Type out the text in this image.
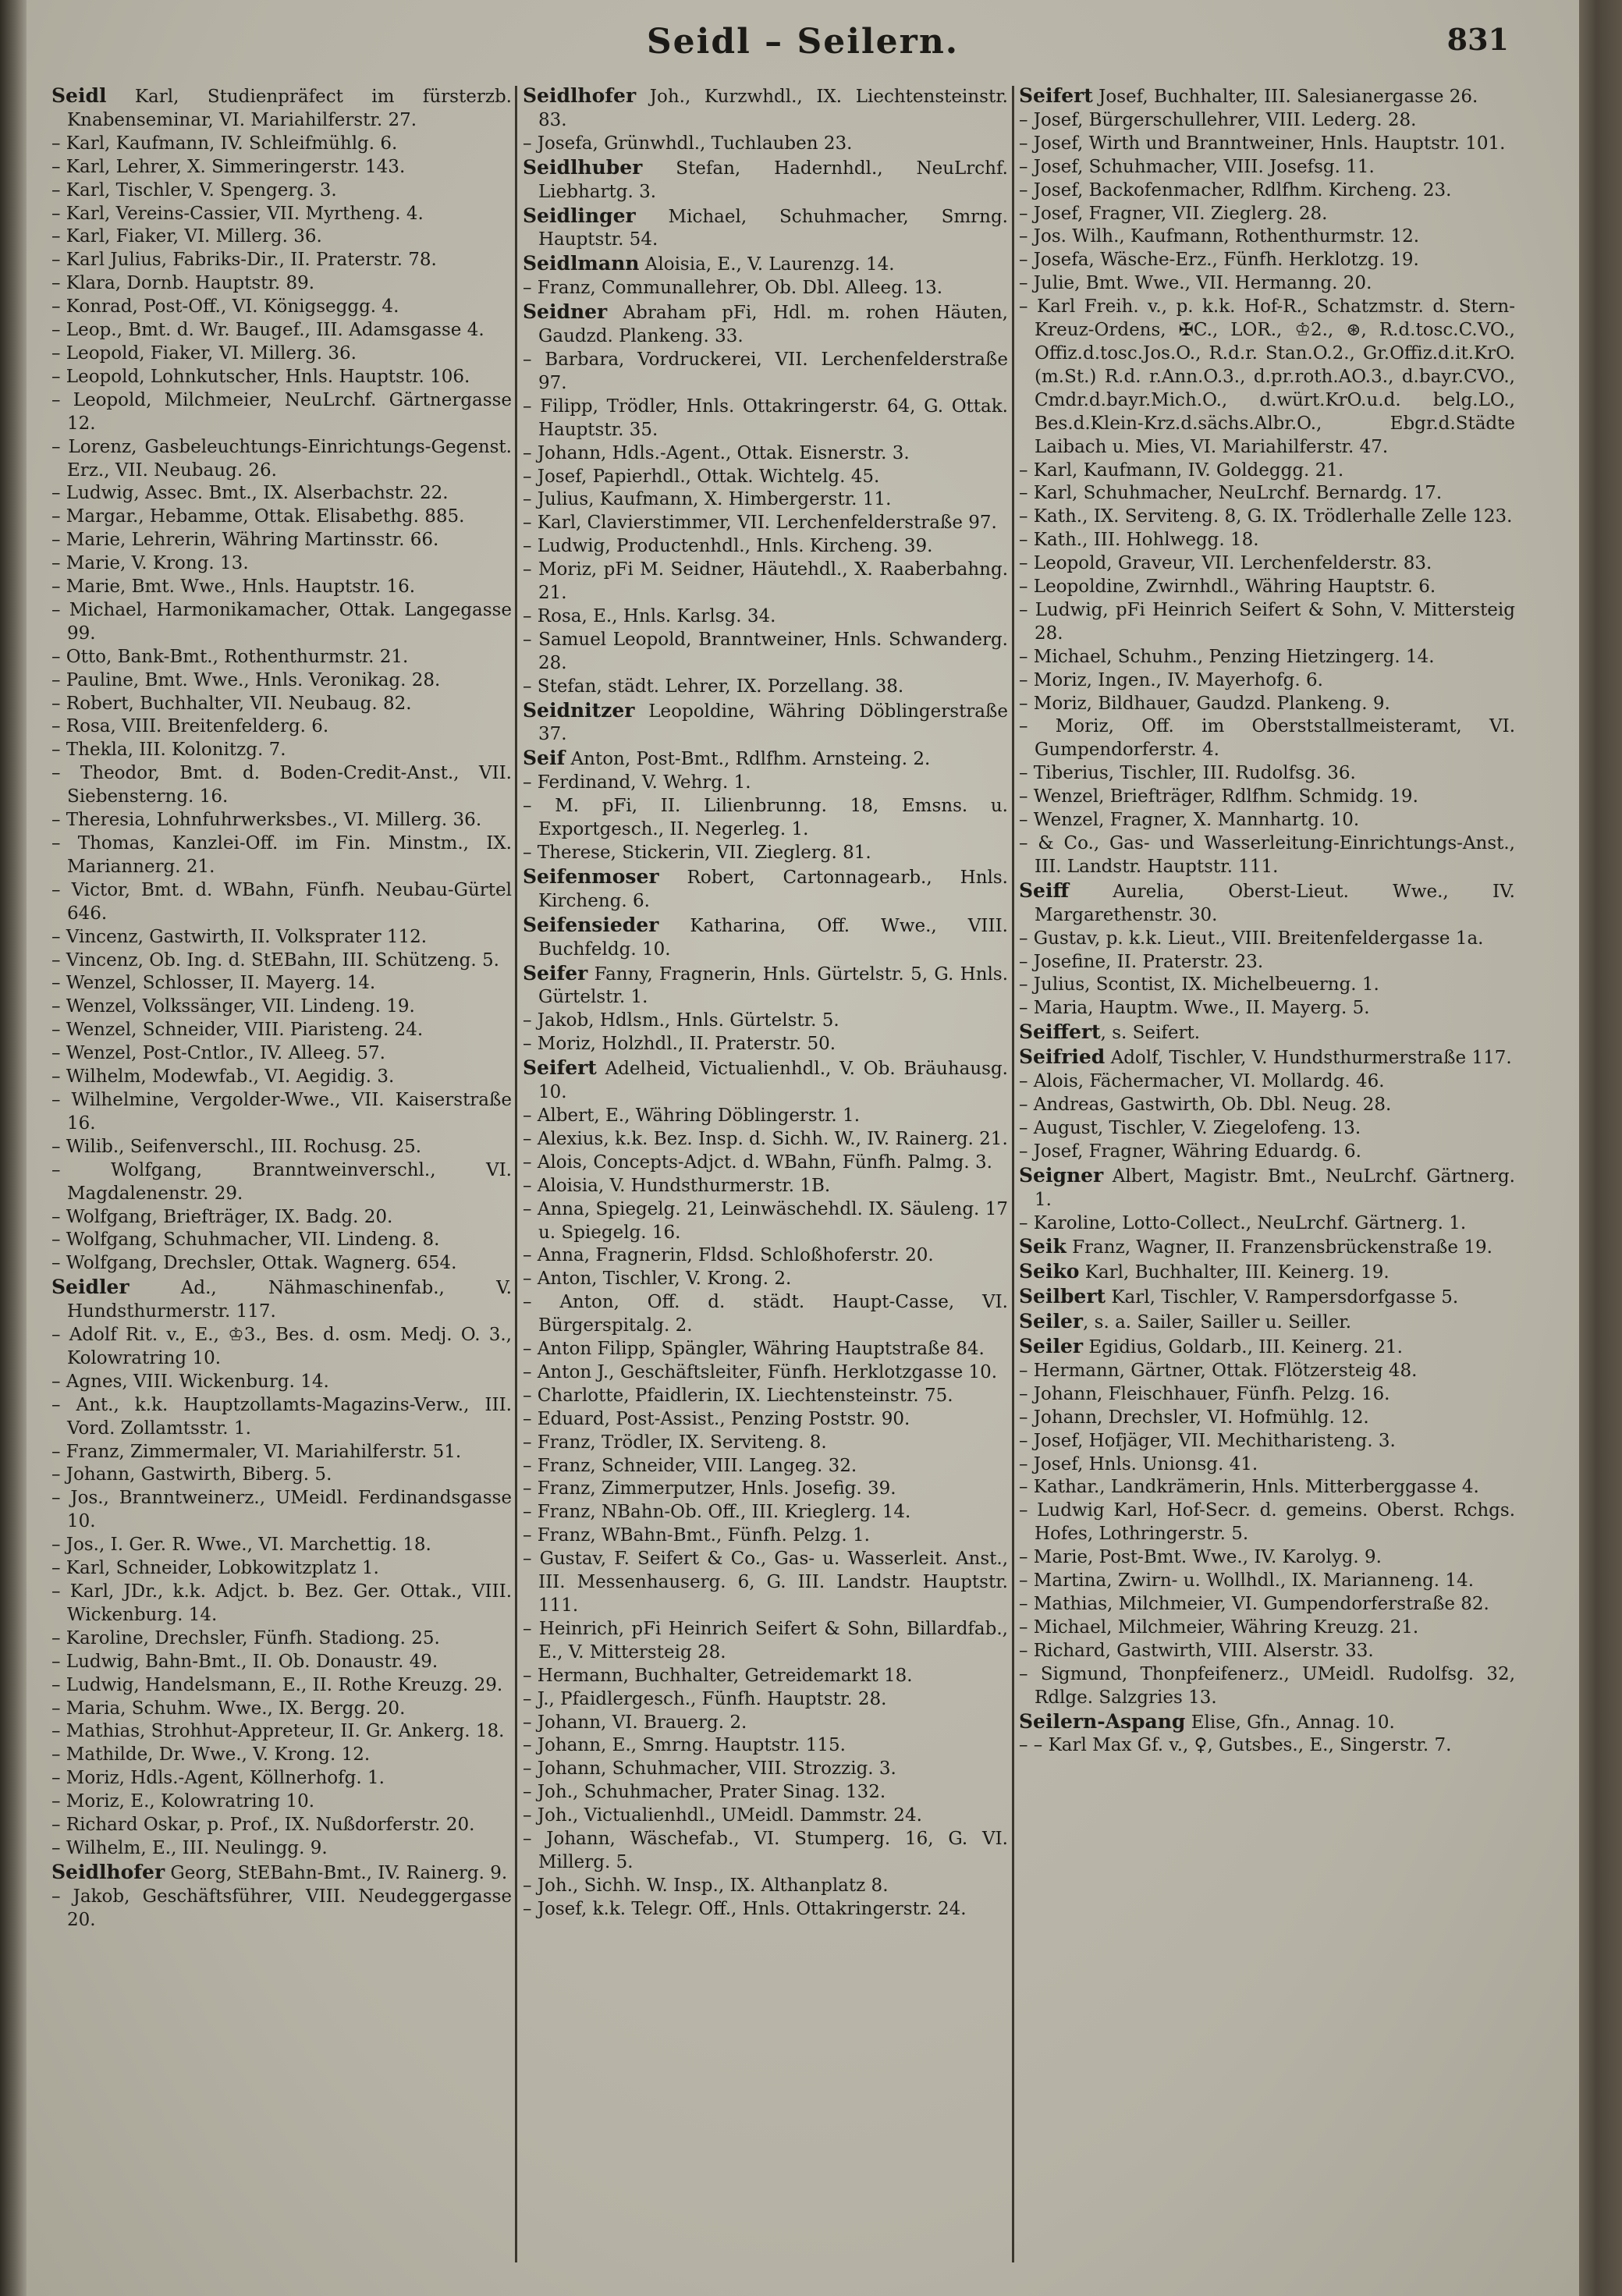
Seidl – Seilern.	831
Seidl Karl, Studienpräfect im fürsterzb. Knabenseminar, VI. Mariahilferstr. 27.
– Karl, Kaufmann, IV. Schleifmühlg. 6.
– Karl, Lehrer, X. Simmeringerstr. 143.
– Karl, Tischler, V. Spengerg. 3.
– Karl, Vereins-Cassier, VII. Myrtheng. 4.
– Karl, Fiaker, VI. Millerg. 36.
– Karl Julius, Fabriks-Dir., II. Praterstr. 78.
– Klara, Dornb. Hauptstr. 89.
– Konrad, Post-Off., VI. Königseggg. 4.
– Leop., Bmt. d. Wr. Baugef., III. Adamsgasse 4.
– Leopold, Fiaker, VI. Millerg. 36.
– Leopold, Lohnkutscher, Hnls. Hauptstr. 106.
– Leopold, Milchmeier, NeuLrchf. Gärtnergasse 12.
– Lorenz, Gasbeleuchtungs-Einrichtungs-Gegenst. Erz., VII. Neubaug. 26.
– Ludwig, Assec. Bmt., IX. Alserbachstr. 22.
– Margar., Hebamme, Ottak. Elisabethg. 885.
– Marie, Lehrerin, Währing Martinsstr. 66.
– Marie, V. Krong. 13.
– Marie, Bmt. Wwe., Hnls. Hauptstr. 16.
– Michael, Harmonikamacher, Ottak. Langegasse 99.
– Otto, Bank-Bmt., Rothenthurmstr. 21.
– Pauline, Bmt. Wwe., Hnls. Veronikag. 28.
– Robert, Buchhalter, VII. Neubaug. 82.
– Rosa, VIII. Breitenfelderg. 6.
– Thekla, III. Kolonitzg. 7.
– Theodor, Bmt. d. Boden-Credit-Anst., VII. Siebensterng. 16.
– Theresia, Lohnfuhrwerksbes., VI. Millerg. 36.
– Thomas, Kanzlei-Off. im Fin. Minstm., IX. Mariannerg. 21.
– Victor, Bmt. d. WBahn, Fünfh. Neubau-Gürtel 646.
– Vincenz, Gastwirth, II. Volksprater 112.
– Vincenz, Ob. Ing. d. StEBahn, III. Schützeng. 5.
– Wenzel, Schlosser, II. Mayerg. 14.
– Wenzel, Volkssänger, VII. Lindeng. 19.
– Wenzel, Schneider, VIII. Piaristeng. 24.
– Wenzel, Post-Cntlor., IV. Alleeg. 57.
– Wilhelm, Modewfab., VI. Aegidig. 3.
– Wilhelmine, Vergolder-Wwe., VII. Kaiserstraße 16.
– Wilib., Seifenverschl., III. Rochusg. 25.
– Wolfgang, Branntweinverschl., VI. Magdalenenstr. 29.
– Wolfgang, Briefträger, IX. Badg. 20.
– Wolfgang, Schuhmacher, VII. Lindeng. 8.
– Wolfgang, Drechsler, Ottak. Wagnerg. 654.
Seidler Ad., Nähmaschinenfab., V. Hundsthurmerstr. 117.
– Adolf Rit. v., E., ♔3., Bes. d. osm. Medj. O. 3., Kolowratring 10.
– Agnes, VIII. Wickenburg. 14.
– Ant., k.k. Hauptzollamts-Magazins-Verw., III. Vord. Zollamtsstr. 1.
– Franz, Zimmermaler, VI. Mariahilferstr. 51.
– Johann, Gastwirth, Biberg. 5.
– Jos., Branntweinerz., UMeidl. Ferdinandsgasse 10.
– Jos., I. Ger. R. Wwe., VI. Marchettig. 18.
– Karl, Schneider, Lobkowitzplatz 1.
– Karl, JDr., k.k. Adjct. b. Bez. Ger. Ottak., VIII. Wickenburg. 14.
– Karoline, Drechsler, Fünfh. Stadiong. 25.
– Ludwig, Bahn-Bmt., II. Ob. Donaustr. 49.
– Ludwig, Handelsmann, E., II. Rothe Kreuzg. 29.
– Maria, Schuhm. Wwe., IX. Bergg. 20.
– Mathias, Strohhut-Appreteur, II. Gr. Ankerg. 18.
– Mathilde, Dr. Wwe., V. Krong. 12.
– Moriz, Hdls.-Agent, Köllnerhofg. 1.
– Moriz, E., Kolowratring 10.
– Richard Oskar, p. Prof., IX. Nußdorferstr. 20.
– Wilhelm, E., III. Neulingg. 9.
Seidlhofer Georg, StEBahn-Bmt., IV. Rainerg. 9.
– Jakob, Geschäftsführer, VIII. Neudeggergasse 20.
Seidlhofer Joh., Kurzwhdl., IX. Liechtensteinstr. 83.
– Josefa, Grünwhdl., Tuchlauben 23.
Seidlhuber Stefan, Hadernhdl., NeuLrchf. Liebhartg. 3.
Seidlinger Michael, Schuhmacher, Smrng. Hauptstr. 54.
Seidlmann Aloisia, E., V. Laurenzg. 14.
– Franz, Communallehrer, Ob. Dbl. Alleeg. 13.
Seidner Abraham pFi, Hdl. m. rohen Häuten, Gaudzd. Plankeng. 33.
– Barbara, Vordruckerei, VII. Lerchenfelderstraße 97.
– Filipp, Trödler, Hnls. Ottakringerstr. 64, G. Ottak. Hauptstr. 35.
– Johann, Hdls.-Agent., Ottak. Eisnerstr. 3.
– Josef, Papierhdl., Ottak. Wichtelg. 45.
– Julius, Kaufmann, X. Himbergerstr. 11.
– Karl, Clavierstimmer, VII. Lerchenfelderstraße 97.
– Ludwig, Productenhdl., Hnls. Kircheng. 39.
– Moriz, pFi M. Seidner, Häutehdl., X. Raaberbahng. 21.
– Rosa, E., Hnls. Karlsg. 34.
– Samuel Leopold, Branntweiner, Hnls. Schwanderg. 28.
– Stefan, städt. Lehrer, IX. Porzellang. 38.
Seidnitzer Leopoldine, Währing Döblingerstraße 37.
Seif Anton, Post-Bmt., Rdlfhm. Arnsteing. 2.
– Ferdinand, V. Wehrg. 1.
– M. pFi, II. Lilienbrunng. 18, Emsns. u. Exportgesch., II. Negerleg. 1.
– Therese, Stickerin, VII. Zieglerg. 81.
Seifenmoser Robert, Cartonnagearb., Hnls. Kircheng. 6.
Seifensieder Katharina, Off. Wwe., VIII. Buchfeldg. 10.
Seifer Fanny, Fragnerin, Hnls. Gürtelstr. 5, G. Hnls. Gürtelstr. 1.
– Jakob, Hdlsm., Hnls. Gürtelstr. 5.
– Moriz, Holzhdl., II. Praterstr. 50.
Seifert Adelheid, Victualienhdl., V. Ob. Bräuhausg. 10.
– Albert, E., Währing Döblingerstr. 1.
– Alexius, k.k. Bez. Insp. d. Sichh. W., IV. Rainerg. 21.
– Alois, Concepts-Adjct. d. WBahn, Fünfh. Palmg. 3.
– Aloisia, V. Hundsthurmerstr. 1B.
– Anna, Spiegelg. 21, Leinwäschehdl. IX. Säuleng. 17 u. Spiegelg. 16.
– Anna, Fragnerin, Fldsd. Schloßhoferstr. 20.
– Anton, Tischler, V. Krong. 2.
– Anton, Off. d. städt. Haupt-Casse, VI. Bürgerspitalg. 2.
– Anton Filipp, Spängler, Währing Hauptstraße 84.
– Anton J., Geschäftsleiter, Fünfh. Herklotzgasse 10.
– Charlotte, Pfaidlerin, IX. Liechtensteinstr. 75.
– Eduard, Post-Assist., Penzing Poststr. 90.
– Franz, Trödler, IX. Serviteng. 8.
– Franz, Schneider, VIII. Langeg. 32.
– Franz, Zimmerputzer, Hnls. Josefig. 39.
– Franz, NBahn-Ob. Off., III. Krieglerg. 14.
– Franz, WBahn-Bmt., Fünfh. Pelzg. 1.
– Gustav, F. Seifert & Co., Gas- u. Wasserleit. Anst., III. Messenhauserg. 6, G. III. Landstr. Hauptstr. 111.
– Heinrich, pFi Heinrich Seifert & Sohn, Billardfab., E., V. Mittersteig 28.
– Hermann, Buchhalter, Getreidemarkt 18.
– J., Pfaidlergesch., Fünfh. Hauptstr. 28.
– Johann, VI. Brauerg. 2.
– Johann, E., Smrng. Hauptstr. 115.
– Johann, Schuhmacher, VIII. Strozzig. 3.
– Joh., Schuhmacher, Prater Sinag. 132.
– Joh., Victualienhdl., UMeidl. Dammstr. 24.
– Johann, Wäschefab., VI. Stumperg. 16, G. VI. Millerg. 5.
– Joh., Sichh. W. Insp., IX. Althanplatz 8.
– Josef, k.k. Telegr. Off., Hnls. Ottakringerstr. 24.
Seifert Josef, Buchhalter, III. Salesianergasse 26.
– Josef, Bürgerschullehrer, VIII. Lederg. 28.
– Josef, Wirth und Branntweiner, Hnls. Hauptstr. 101.
– Josef, Schuhmacher, VIII. Josefsg. 11.
– Josef, Backofenmacher, Rdlfhm. Kircheng. 23.
– Josef, Fragner, VII. Zieglerg. 28.
– Jos. Wilh., Kaufmann, Rothenthurmstr. 12.
– Josefa, Wäsche-Erz., Fünfh. Herklotzg. 19.
– Julie, Bmt. Wwe., VII. Hermanng. 20.
– Karl Freih. v., p. k.k. Hof-R., Schatzmstr. d. Stern-Kreuz-Ordens, ✠C., LOR., ♔2., ⊛, R.d.tosc.C.VO., Offiz.d.tosc.Jos.O., R.d.r. Stan.O.2., Gr.Offiz.d.it.KrO.(m.St.) R.d. r.Ann.O.3., d.pr.roth.AO.3., d.bayr.CVO., Cmdr.d.bayr.Mich.O., d.würt.KrO.u.d. belg.LO., Bes.d.Klein-Krz.d.sächs.Albr.O., Ebgr.d.Städte Laibach u. Mies, VI. Mariahilferstr. 47.
– Karl, Kaufmann, IV. Goldeggg. 21.
– Karl, Schuhmacher, NeuLrchf. Bernardg. 17.
– Kath., IX. Serviteng. 8, G. IX. Trödlerhalle Zelle 123.
– Kath., III. Hohlwegg. 18.
– Leopold, Graveur, VII. Lerchenfelderstr. 83.
– Leopoldine, Zwirnhdl., Währing Hauptstr. 6.
– Ludwig, pFi Heinrich Seifert & Sohn, V. Mittersteig 28.
– Michael, Schuhm., Penzing Hietzingerg. 14.
– Moriz, Ingen., IV. Mayerhofg. 6.
– Moriz, Bildhauer, Gaudzd. Plankeng. 9.
– Moriz, Off. im Oberststallmeisteramt, VI. Gumpendorferstr. 4.
– Tiberius, Tischler, III. Rudolfsg. 36.
– Wenzel, Briefträger, Rdlfhm. Schmidg. 19.
– Wenzel, Fragner, X. Mannhartg. 10.
– & Co., Gas- und Wasserleitung-Einrichtungs-Anst., III. Landstr. Hauptstr. 111.
Seiff Aurelia, Oberst-Lieut. Wwe., IV. Margarethenstr. 30.
– Gustav, p. k.k. Lieut., VIII. Breitenfeldergasse 1a.
– Josefine, II. Praterstr. 23.
– Julius, Scontist, IX. Michelbeuerng. 1.
– Maria, Hauptm. Wwe., II. Mayerg. 5.
Seiffert, s. Seifert.
Seifried Adolf, Tischler, V. Hundsthurmerstraße 117.
– Alois, Fächermacher, VI. Mollardg. 46.
– Andreas, Gastwirth, Ob. Dbl. Neug. 28.
– August, Tischler, V. Ziegelofeng. 13.
– Josef, Fragner, Währing Eduardg. 6.
Seigner Albert, Magistr. Bmt., NeuLrchf. Gärtnerg. 1.
– Karoline, Lotto-Collect., NeuLrchf. Gärtnerg. 1.
Seik Franz, Wagner, II. Franzensbrückenstraße 19.
Seiko Karl, Buchhalter, III. Keinerg. 19.
Seilbert Karl, Tischler, V. Rampersdorfgasse 5.
Seiler, s. a. Sailer, Sailler u. Seiller.
Seiler Egidius, Goldarb., III. Keinerg. 21.
– Hermann, Gärtner, Ottak. Flötzersteig 48.
– Johann, Fleischhauer, Fünfh. Pelzg. 16.
– Johann, Drechsler, VI. Hofmühlg. 12.
– Josef, Hofjäger, VII. Mechitharisteng. 3.
– Josef, Hnls. Unionsg. 41.
– Kathar., Landkrämerin, Hnls. Mitterberggasse 4.
– Ludwig Karl, Hof-Secr. d. gemeins. Oberst. Rchgs. Hofes, Lothringerstr. 5.
– Marie, Post-Bmt. Wwe., IV. Karolyg. 9.
– Martina, Zwirn- u. Wollhdl., IX. Marianneng. 14.
– Mathias, Milchmeier, VI. Gumpendorferstraße 82.
– Michael, Milchmeier, Währing Kreuzg. 21.
– Richard, Gastwirth, VIII. Alserstr. 33.
– Sigmund, Thonpfeifenerz., UMeidl. Rudolfsg. 32, Rdlge. Salzgries 13.
Seilern-Aspang Elise, Gfn., Annag. 10.
– – Karl Max Gf. v., ♀, Gutsbes., E., Singerstr. 7.
